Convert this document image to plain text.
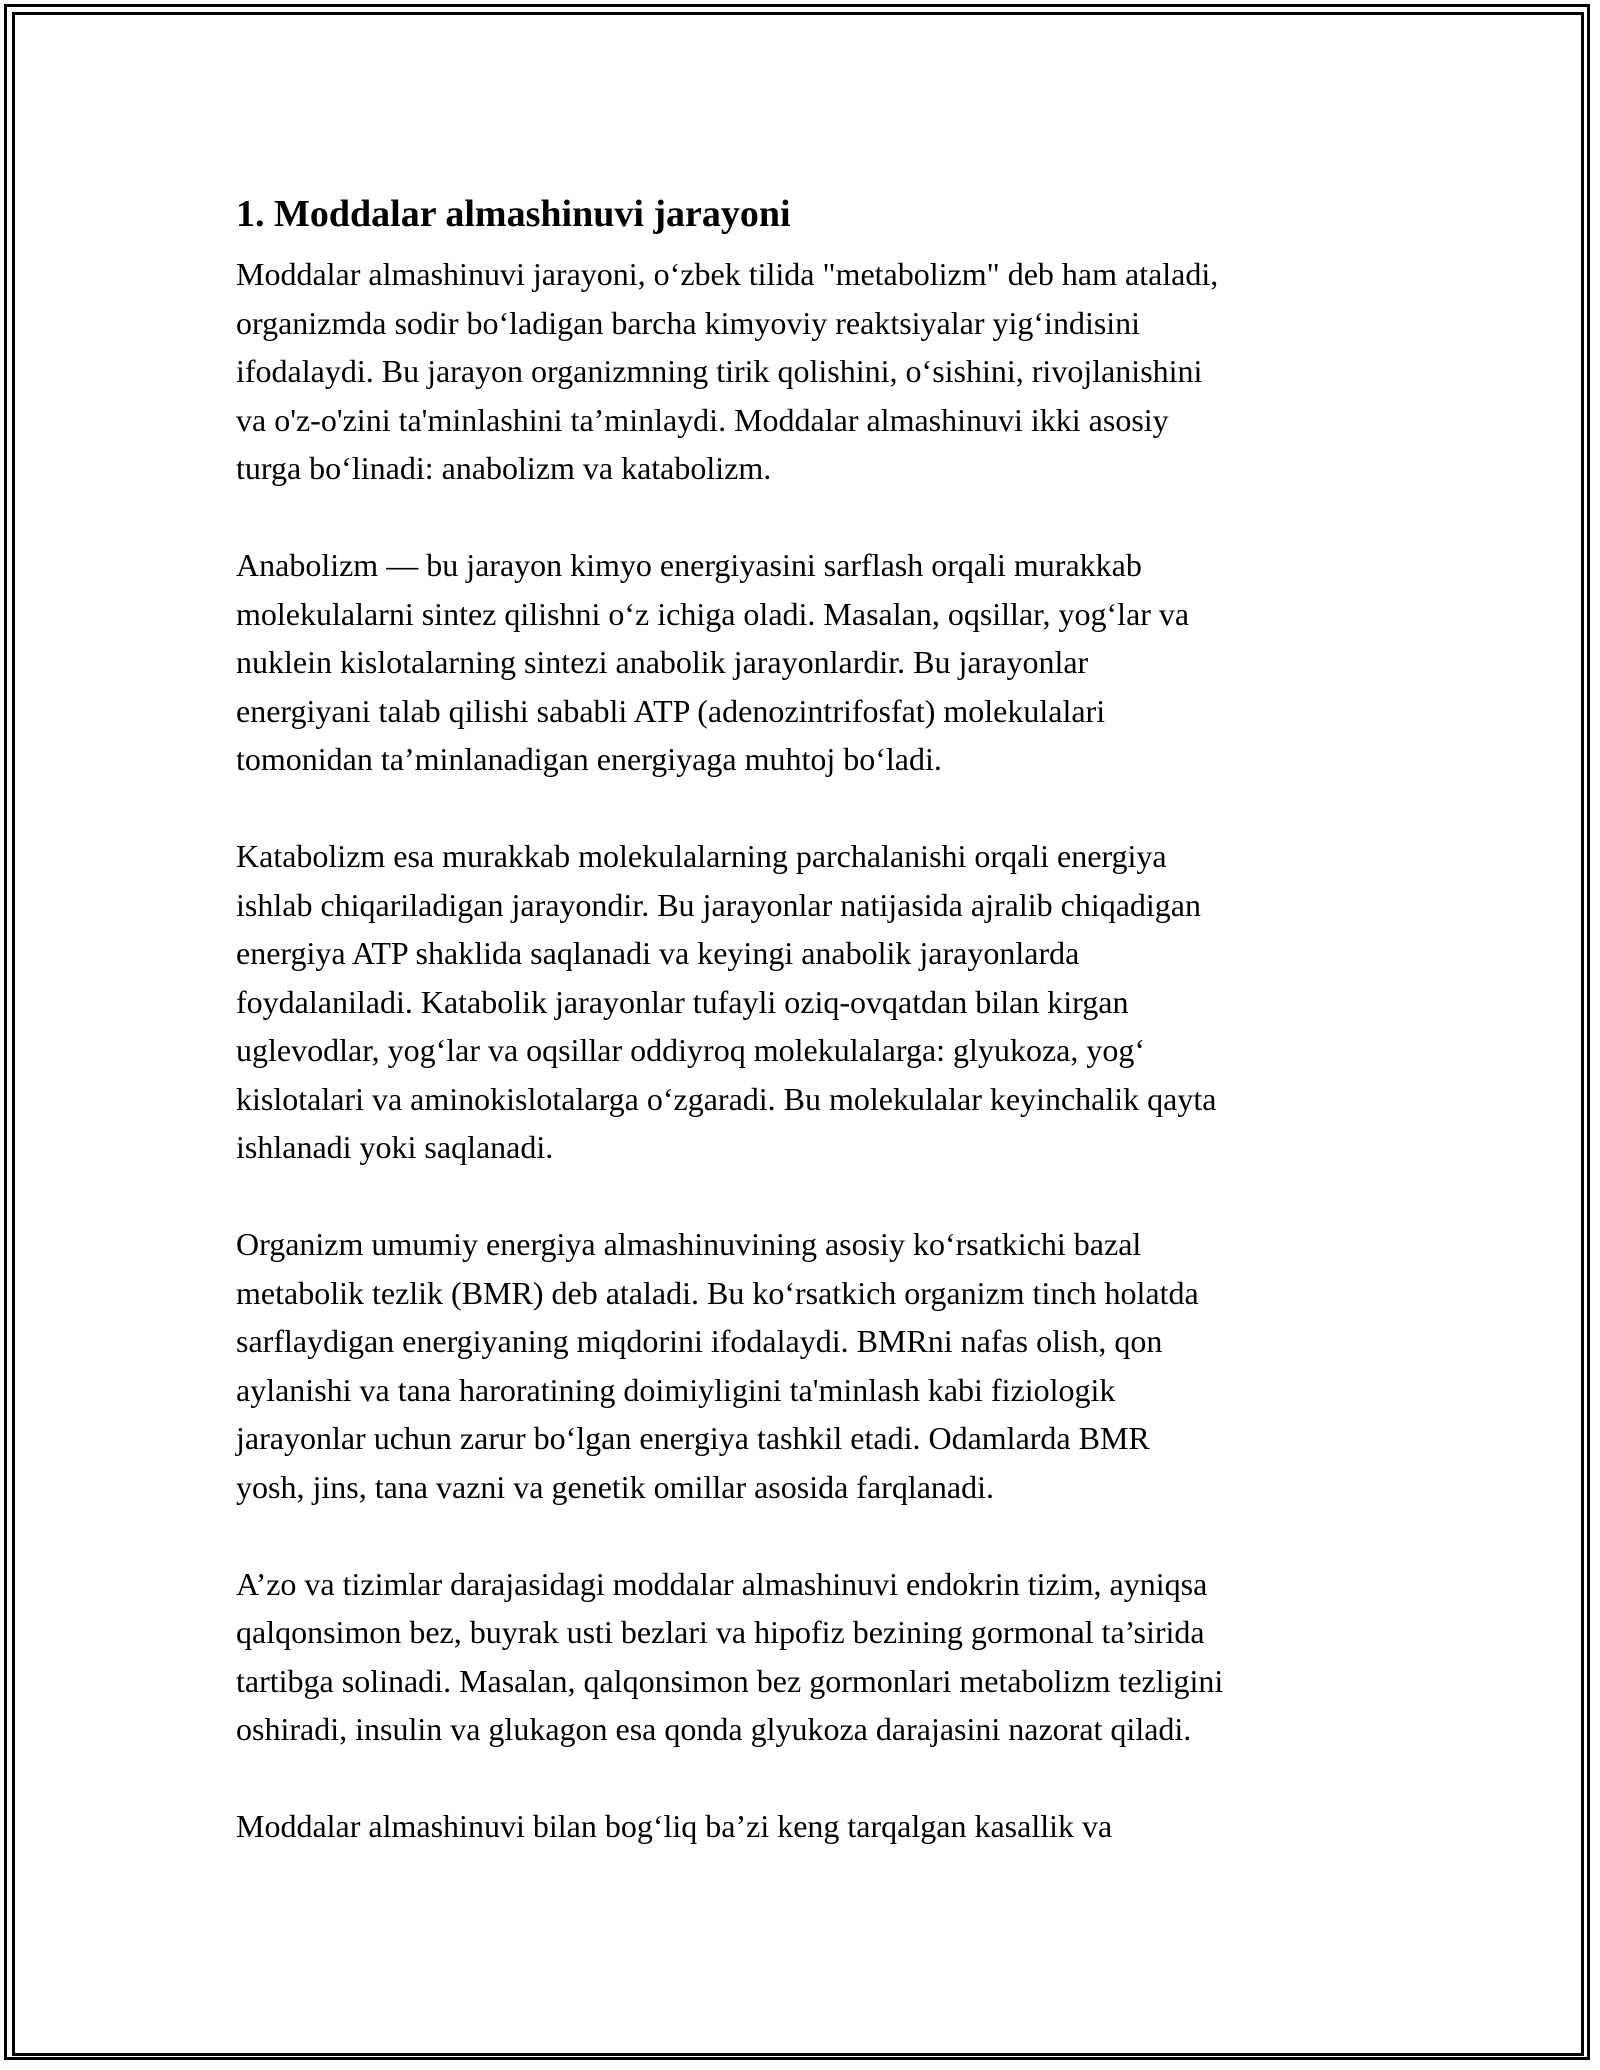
1. Moddalar almashinuvi jarayoni

Moddalar almashinuvi jarayoni, o‘zbek tilida "metabolizm" deb ham ataladi,
organizmda sodir bo‘ladigan barcha kimyoviy reaktsiyalar yig‘indisini
ifodalaydi. Bu jarayon organizmning tirik qolishini, o‘sishini, rivojlanishini
va o'z-o'zini ta'minlashini ta’minlaydi. Moddalar almashinuvi ikki asosiy
turga bo‘linadi: anabolizm va katabolizm.

Anabolizm — bu jarayon kimyo energiyasini sarflash orqali murakkab
molekulalarni sintez qilishni o‘z ichiga oladi. Masalan, oqsillar, yog‘lar va
nuklein kislotalarning sintezi anabolik jarayonlardir. Bu jarayonlar
energiyani talab qilishi sababli ATP (adenozintrifosfat) molekulalari
tomonidan ta’minlanadigan energiyaga muhtoj bo‘ladi.

Katabolizm esa murakkab molekulalarning parchalanishi orqali energiya
ishlab chiqariladigan jarayondir. Bu jarayonlar natijasida ajralib chiqadigan
energiya ATP shaklida saqlanadi va keyingi anabolik jarayonlarda
foydalaniladi. Katabolik jarayonlar tufayli oziq-ovqatdan bilan kirgan
uglevodlar, yog‘lar va oqsillar oddiyroq molekulalarga: glyukoza, yog‘
kislotalari va aminokislotalarga o‘zgaradi. Bu molekulalar keyinchalik qayta
ishlanadi yoki saqlanadi.

Organizm umumiy energiya almashinuvining asosiy ko‘rsatkichi bazal
metabolik tezlik (BMR) deb ataladi. Bu ko‘rsatkich organizm tinch holatda
sarflaydigan energiyaning miqdorini ifodalaydi. BMRni nafas olish, qon
aylanishi va tana haroratining doimiyligini ta'minlash kabi fiziologik
jarayonlar uchun zarur bo‘lgan energiya tashkil etadi. Odamlarda BMR
yosh, jins, tana vazni va genetik omillar asosida farqlanadi.

A’zo va tizimlar darajasidagi moddalar almashinuvi endokrin tizim, ayniqsa
qalqonsimon bez, buyrak usti bezlari va hipofiz bezining gormonal ta’sirida
tartibga solinadi. Masalan, qalqonsimon bez gormonlari metabolizm tezligini
oshiradi, insulin va glukagon esa qonda glyukoza darajasini nazorat qiladi.

Moddalar almashinuvi bilan bog‘liq ba’zi keng tarqalgan kasallik va
